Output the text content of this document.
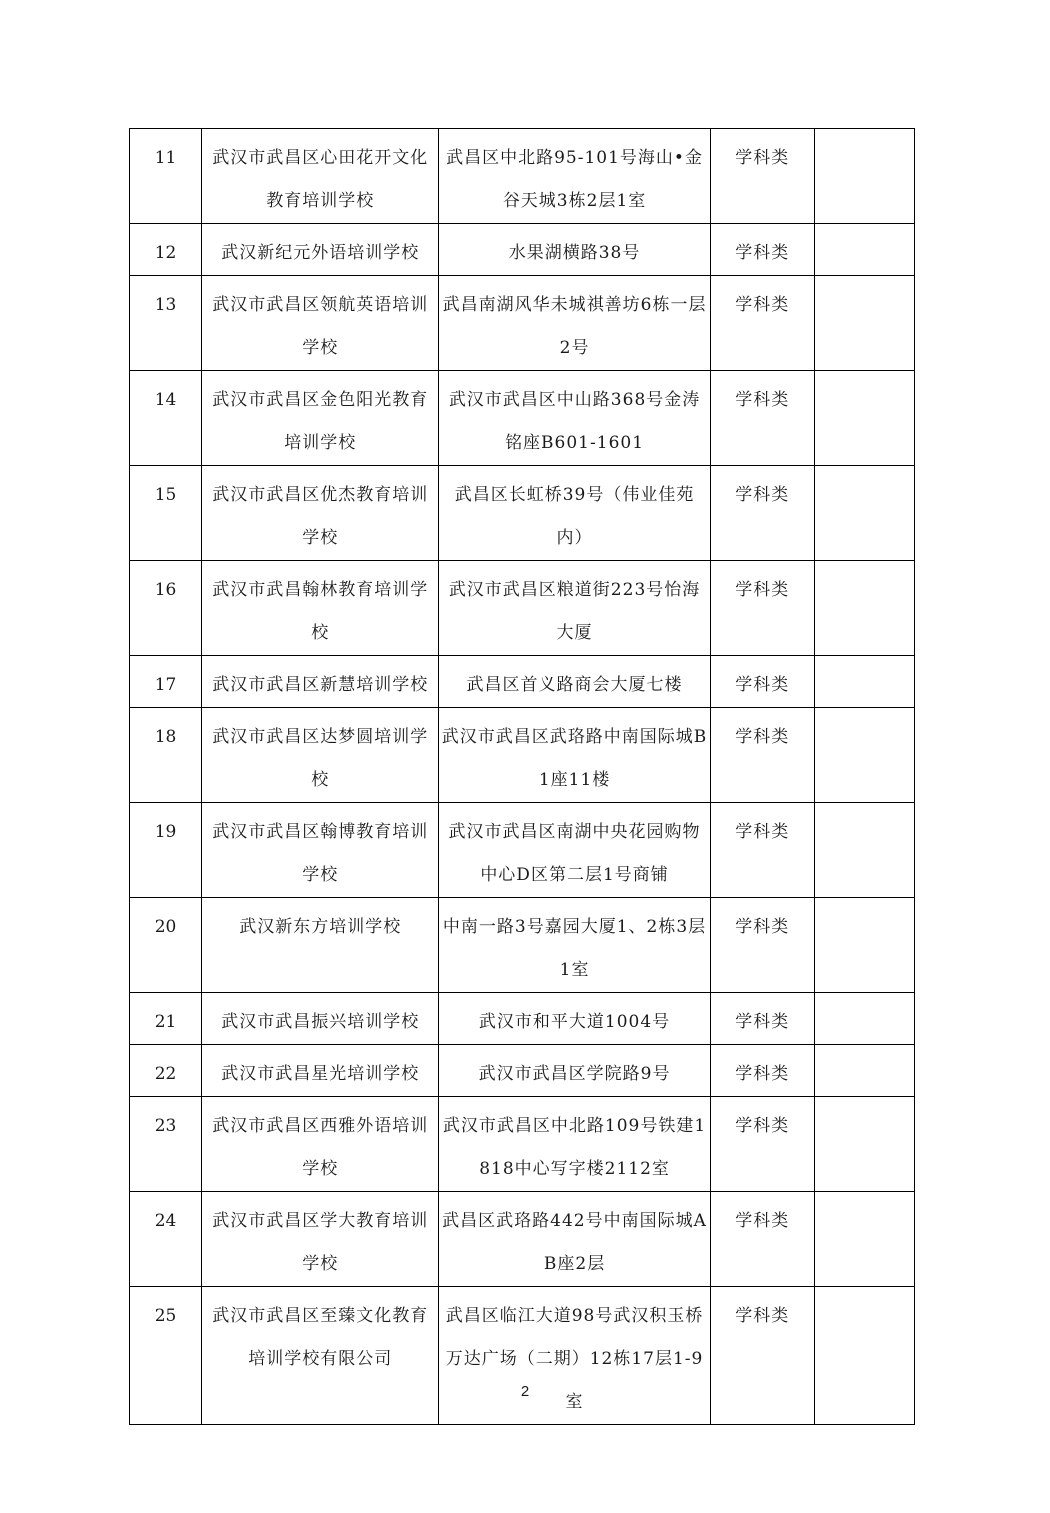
11	武汉市武昌区心田花开文化教育培训学校	武昌区中北路95-101号海山•金谷天城3栋2层1室	学科类	
12	武汉新纪元外语培训学校	水果湖横路38号	学科类	
13	武汉市武昌区领航英语培训学校	武昌南湖风华未城祺善坊6栋一层2号	学科类	
14	武汉市武昌区金色阳光教育培训学校	武汉市武昌区中山路368号金涛铭座B601-1601	学科类	
15	武汉市武昌区优杰教育培训学校	武昌区长虹桥39号（伟业佳苑内）	学科类	
16	武汉市武昌翰林教育培训学校	武汉市武昌区粮道街223号怡海大厦	学科类	
17	武汉市武昌区新慧培训学校	武昌区首义路商会大厦七楼	学科类	
18	武汉市武昌区达梦圆培训学校	武汉市武昌区武珞路中南国际城B1座11楼	学科类	
19	武汉市武昌区翰博教育培训学校	武汉市武昌区南湖中央花园购物中心D区第二层1号商铺	学科类	
20	武汉新东方培训学校	中南一路3号嘉园大厦1、2栋3层1室	学科类	
21	武汉市武昌振兴培训学校	武汉市和平大道1004号	学科类	
22	武汉市武昌星光培训学校	武汉市武昌区学院路9号	学科类	
23	武汉市武昌区西雅外语培训学校	武汉市武昌区中北路109号铁建1818中心写字楼2112室	学科类	
24	武汉市武昌区学大教育培训学校	武昌区武珞路442号中南国际城AB座2层	学科类	
25	武汉市武昌区至臻文化教育培训学校有限公司	武昌区临江大道98号武汉积玉桥万达广场（二期）12栋17层1-9室	学科类	
2
